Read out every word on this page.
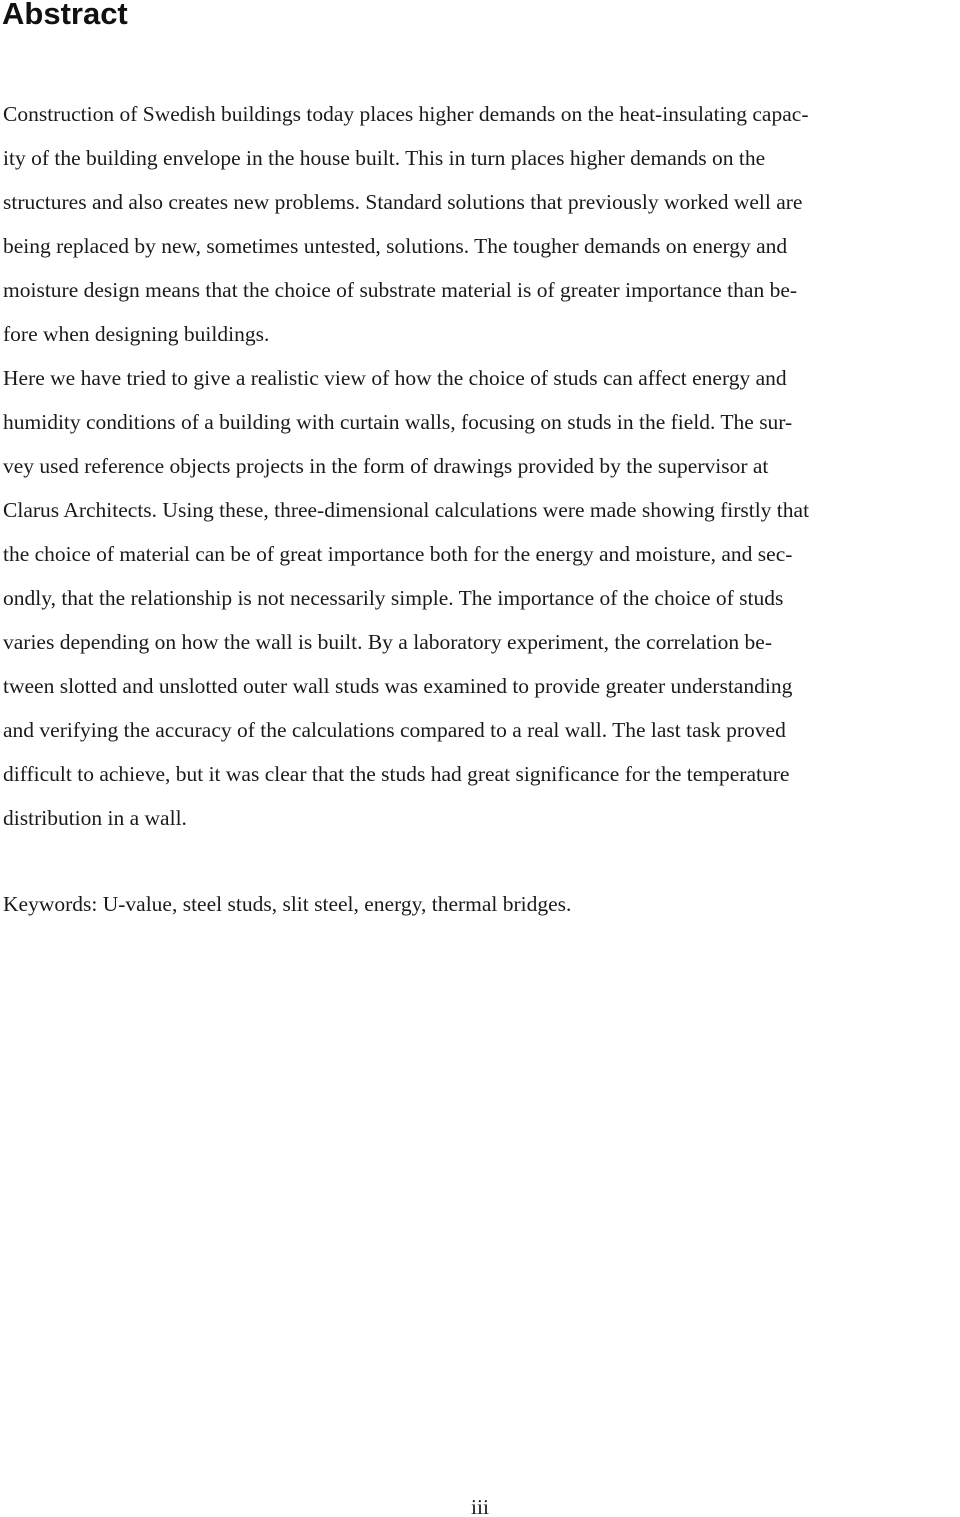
Abstract

Construction of Swedish buildings today places higher demands on the heat-insulating capac-

ity of the building envelope in the house built. This in turn places higher demands on the

structures and also creates new problems. Standard solutions that previously worked well are

being replaced by new, sometimes untested, solutions. The tougher demands on energy and

moisture design means that the choice of substrate material is of greater importance than be-

fore when designing buildings.

Here we have tried to give a realistic view of how the choice of studs can affect energy and

humidity conditions of a building with curtain walls, focusing on studs in the field. The sur-

vey used reference objects projects in the form of drawings provided by the supervisor at

Clarus Architects. Using these, three-dimensional calculations were made showing firstly that

the choice of material can be of great importance both for the energy and moisture, and sec-

ondly, that the relationship is not necessarily simple. The importance of the choice of studs

varies depending on how the wall is built. By a laboratory experiment, the correlation be-

tween slotted and unslotted outer wall studs was examined to provide greater understanding

and verifying the accuracy of the calculations compared to a real wall. The last task proved

difficult to achieve, but it was clear that the studs had great significance for the temperature

distribution in a wall.

Keywords: U-value, steel studs, slit steel, energy, thermal bridges.

iii
